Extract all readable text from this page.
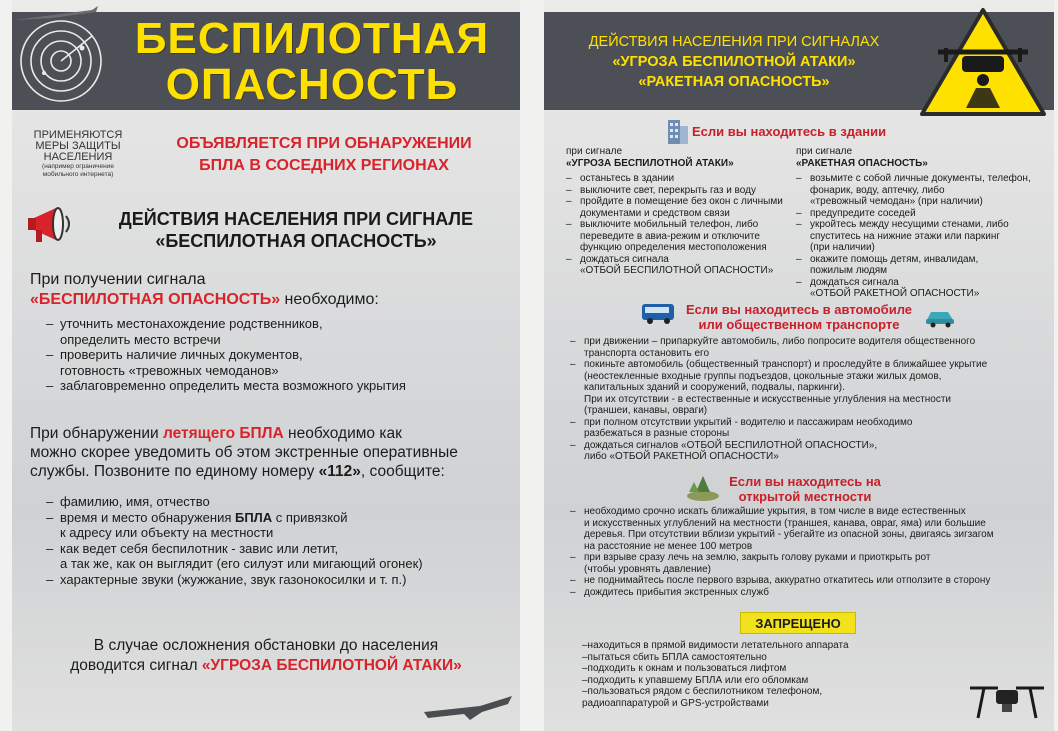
БЕСПИЛОТНАЯ
ОПАСНОСТЬ
ПРИМЕНЯЮТСЯ
МЕРЫ ЗАЩИТЫ
НАСЕЛЕНИЯ
(например ограничение
мобильного интернета)
ОБЪЯВЛЯЕТСЯ ПРИ ОБНАРУЖЕНИИ
БПЛА В СОСЕДНИХ РЕГИОНАХ
ДЕЙСТВИЯ НАСЕЛЕНИЯ ПРИ СИГНАЛЕ
«БЕСПИЛОТНАЯ ОПАСНОСТЬ»
При получении сигнала
«БЕСПИЛОТНАЯ ОПАСНОСТЬ» необходимо:
– уточнить местонахождение родственников,
определить место встречи
– проверить наличие личных документов,
готовность «тревожных чемоданов»
– заблаговременно определить места возможного укрытия
При обнаружении летящего БПЛА необходимо как
можно скорее уведомить об этом экстренные оперативные
службы. Позвоните по единому номеру «112», сообщите:
– фамилию, имя, отчество
– время и место обнаружения БПЛА с привязкой
к адресу или объекту на местности
– как ведет себя беспилотник - завис или летит,
а так же, как он выглядит (его силуэт или мигающий огонек)
– характерные звуки (жужжание, звук газонокосилки и т. п.)
В случае осложнения обстановки до населения
доводится сигнал «УГРОЗА БЕСПИЛОТНОЙ АТАКИ»
ДЕЙСТВИЯ НАСЕЛЕНИЯ ПРИ СИГНАЛАХ
«УГРОЗА БЕСПИЛОТНОЙ АТАКИ»
«РАКЕТНАЯ ОПАСНОСТЬ»
Если вы находитесь в здании
при сигнале
«УГРОЗА БЕСПИЛОТНОЙ АТАКИ»
– останьтесь в здании
– выключите свет, перекрыть газ и воду
– пройдите в помещение без окон с личными
документами и средством связи
– выключите мобильный телефон, либо
переведите в авиа-режим и отключите
функцию определения местоположения
– дождаться сигнала
«ОТБОЙ БЕСПИЛОТНОЙ ОПАСНОСТИ»
при сигнале
«РАКЕТНАЯ ОПАСНОСТЬ»
– возьмите с собой личные документы, телефон,
фонарик, воду, аптечку, либо
«тревожный чемодан» (при наличии)
– предупредите соседей
– укройтесь между несущими стенами, либо
спуститесь на нижние этажи или паркинг
(при наличии)
– окажите помощь детям, инвалидам,
пожилым людям
– дождаться сигнала
«ОТБОЙ РАКЕТНОЙ ОПАСНОСТИ»
Если вы находитесь в автомобиле
или общественном транспорте
– при движении – припаркуйте автомобиль, либо попросите водителя общественного
транспорта остановить его
– покиньте автомобиль (общественный транспорт) и проследуйте в ближайшее укрытие
(неостекленные входные группы подъездов, цокольные этажи жилых домов,
капитальных зданий и сооружений, подвалы, паркинги).
При их отсутствии - в естественные и искусственные углубления на местности
(траншеи, канавы, овраги)
– при полном отсутствии укрытий - водителю и пассажирам необходимо
разбежаться в разные стороны
– дождаться сигналов «ОТБОЙ БЕСПИЛОТНОЙ ОПАСНОСТИ»,
либо «ОТБОЙ РАКЕТНОЙ ОПАСНОСТИ»
Если вы находитесь на
открытой местности
– необходимо срочно искать ближайшие укрытия, в том числе в виде естественных
и искусственных углублений на местности (траншея, канава, овраг, яма) или большие
деревья. При отсутствии вблизи укрытий - убегайте из опасной зоны, двигаясь зигзагом
на расстояние не менее 100 метров
– при взрыве сразу лечь на землю, закрыть голову руками и приоткрыть рот
(чтобы уровнять давление)
– не поднимайтесь после первого взрыва, аккуратно откатитесь или отползите в сторону
– дождитесь прибытия экстренных служб
ЗАПРЕЩЕНО
–находиться в прямой видимости летательного аппарата
–пытаться сбить БПЛА самостоятельно
–подходить к окнам и пользоваться лифтом
–подходить к упавшему БПЛА или его обломкам
–пользоваться рядом с беспилотником телефоном,
радиоаппаратурой и GPS-устройствами
